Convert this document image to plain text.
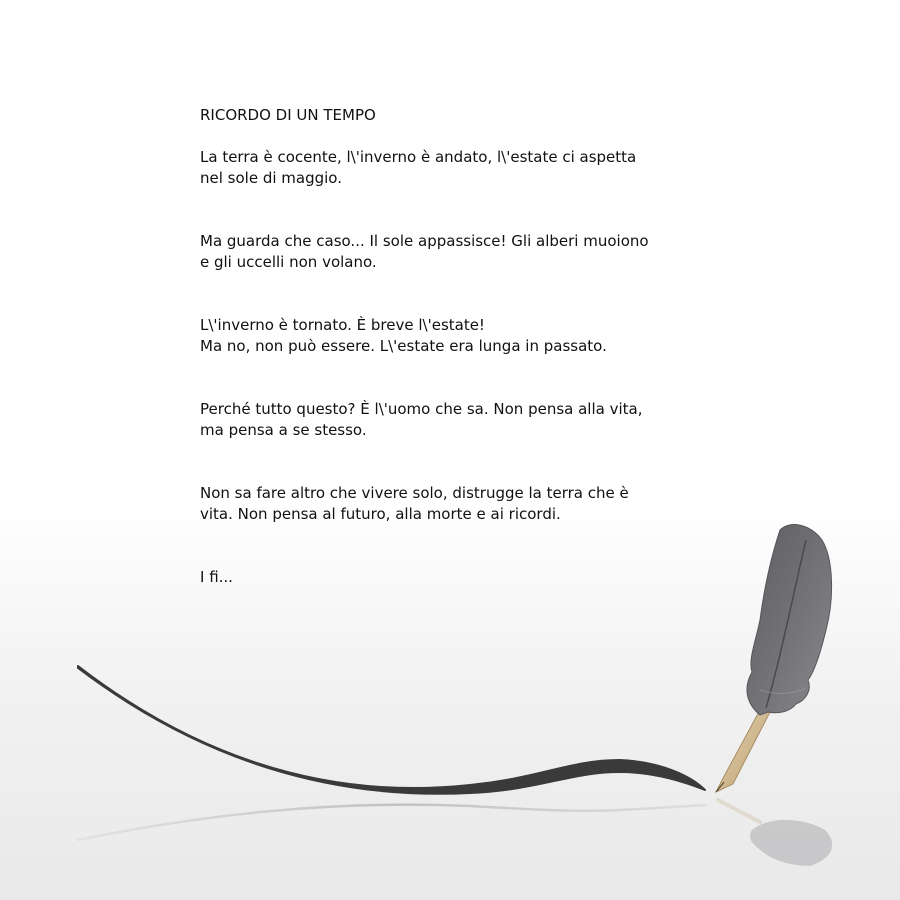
RICORDO DI UN TEMPO

La terra è cocente, l\'inverno è andato, l\'estate ci aspetta
nel sole di maggio.

Ma guarda che caso... Il sole appassisce! Gli alberi muoiono
e gli uccelli non volano.

L\'inverno è tornato. È breve l\'estate!
Ma no, non può essere. L\'estate era lunga in passato.

Perché tutto questo? È l\'uomo che sa. Non pensa alla vita,
ma pensa a se stesso.

Non sa fare altro che vivere solo, distrugge la terra che è
vita. Non pensa al futuro, alla morte e ai ricordi.

I fi...
